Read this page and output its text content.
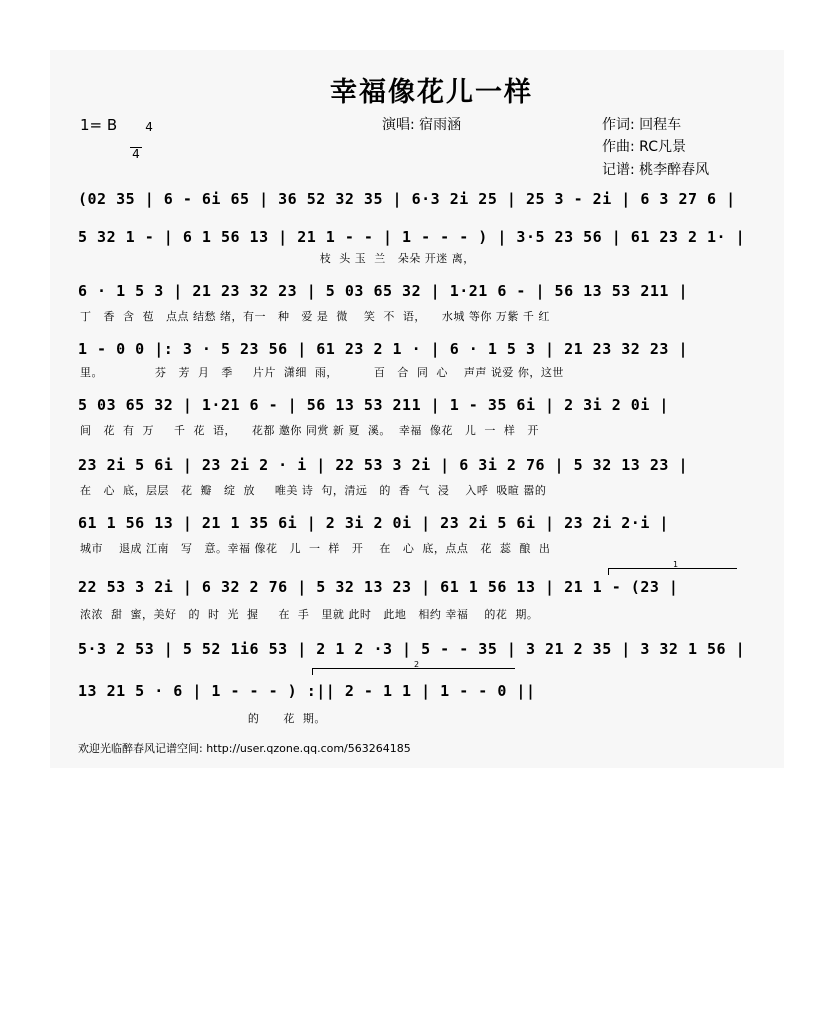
幸福像花儿一样
1= B	4

4

演唱: 宿雨涵	作词: 回程车
作曲: RC凡景
记谱: 桃李醉春风
(02 35 | 6 - 6i 65 | 36 52 32 35 | 6·3 2i 25 | 25 3 - 2i | 6 3 27 6 |
5 32 1 - | 6 1 56 13 | 21 1 - - | 1 - - - ) | 3·5 23 56 | 61 23 2 1· |
枝  头 玉  兰   朵朵 开迷 离，
6 · 1 5 3 | 21 23 32 23 | 5 03 65 32 | 1·21 6 - | 56 13 53 211 |
丁   香  含  苞   点点 结愁 绪，有一   种   爱 是  微    笑  不  语，    水城 等你 万紫 千 红
1 - 0 0 |: 3 · 5 23 56 | 61 23 2 1 · | 6 · 1 5 3 | 21 23 32 23 |
里。             芬   芳  月   季     片片  潇细  雨，         百   合  同  心    声声 说爱 你，这世
5 03 65 32 | 1·21 6 - | 56 13 53 211 | 1 - 35 6i | 2 3i 2 0i |
间   花  有  万     千  花  语，    花都 邀你 同赏 新 夏  溪。  幸福  像花   儿  一  样   开
23 2i 5 6i | 23 2i 2 · i | 22 53 3 2i | 6 3i 2 76 | 5 32 13 23 |
在   心  底，层层   花  瓣   绽  放     唯美 诗  句，清远   的  香  气  浸    入呼  吸暄 嚣的
61 1 56 13 | 21 1 35 6i | 2 3i 2 0i | 23 2i 5 6i | 23 2i 2·i |
城市    退成 江南   写   意。幸福 像花   儿  一  样   开    在   心  底，点点   花  蕊  酿  出
1
22 53 3 2i | 6 32 2 76 | 5 32 13 23 | 61 1 56 13 | 21 1 - (23 |
浓浓  甜  蜜，美好   的  时  光  握     在  手   里就 此时   此地   相约 幸福    的花  期。
5·3 2 53 | 5 52 1i6 53 | 2 1 2 ·3 | 5 - - 35 | 3 21 2 35 | 3 32 1 56 |
2
13 21 5 · 6 | 1 - - - ) :|| 2 - 1 1 | 1 - - 0 ||
的      花  期。
欢迎光临醉春风记谱空间: http://user.qzone.qq.com/563264185
